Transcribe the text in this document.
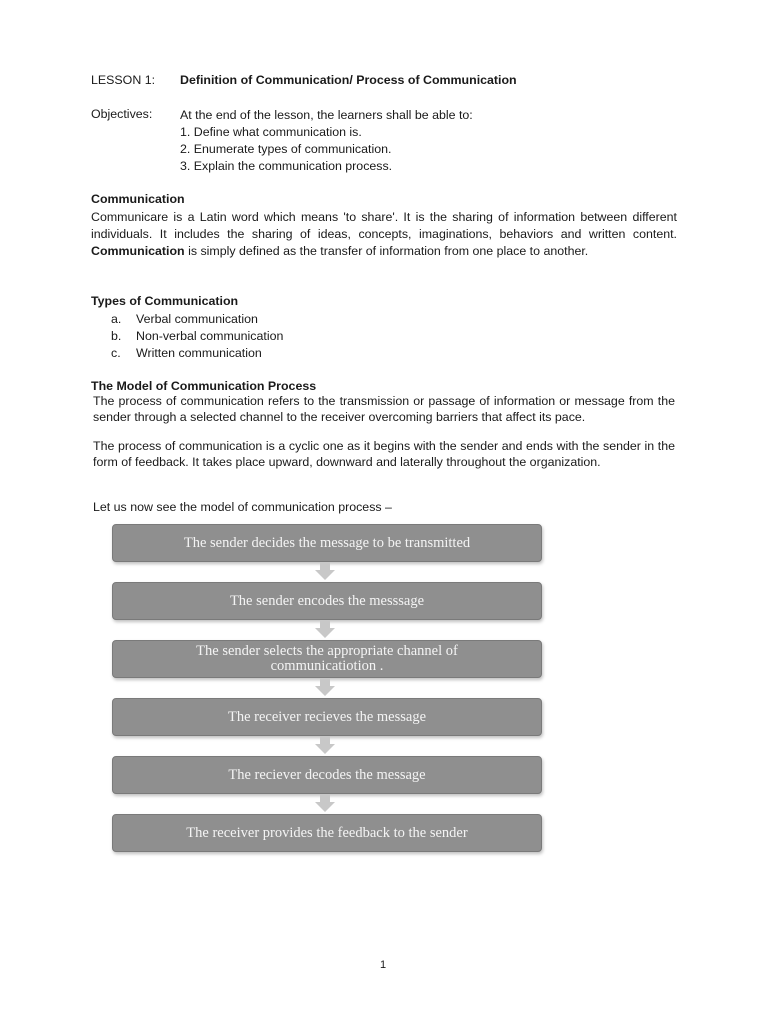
LESSON 1: Definition of Communication/ Process of Communication
Objectives: At the end of the lesson, the learners shall be able to:
1. Define what communication is.
2. Enumerate types of communication.
3. Explain the communication process.
Communication

Communicare is a Latin word which means 'to share'. It is the sharing of information between different individuals. It includes the sharing of ideas, concepts, imaginations, behaviors and written content. Communication is simply defined as the transfer of information from one place to another.

Types of Communication
a.	Verbal communication
b.	Non-verbal communication
c.	Written communication
The Model of Communication Process

The process of communication refers to the transmission or passage of information or message from the sender through a selected channel to the receiver overcoming barriers that affect its pace.

The process of communication is a cyclic one as it begins with the sender and ends with the sender in the form of feedback. It takes place upward, downward and laterally throughout the organization.

Let us now see the model of communication process –
The sender decides the message to be transmitted
The sender encodes the messsage
The sender selects the appropriate channel of communicatiotion .
The receiver recieves the message
The reciever decodes the message
The receiver provides the feedback to the sender
1
